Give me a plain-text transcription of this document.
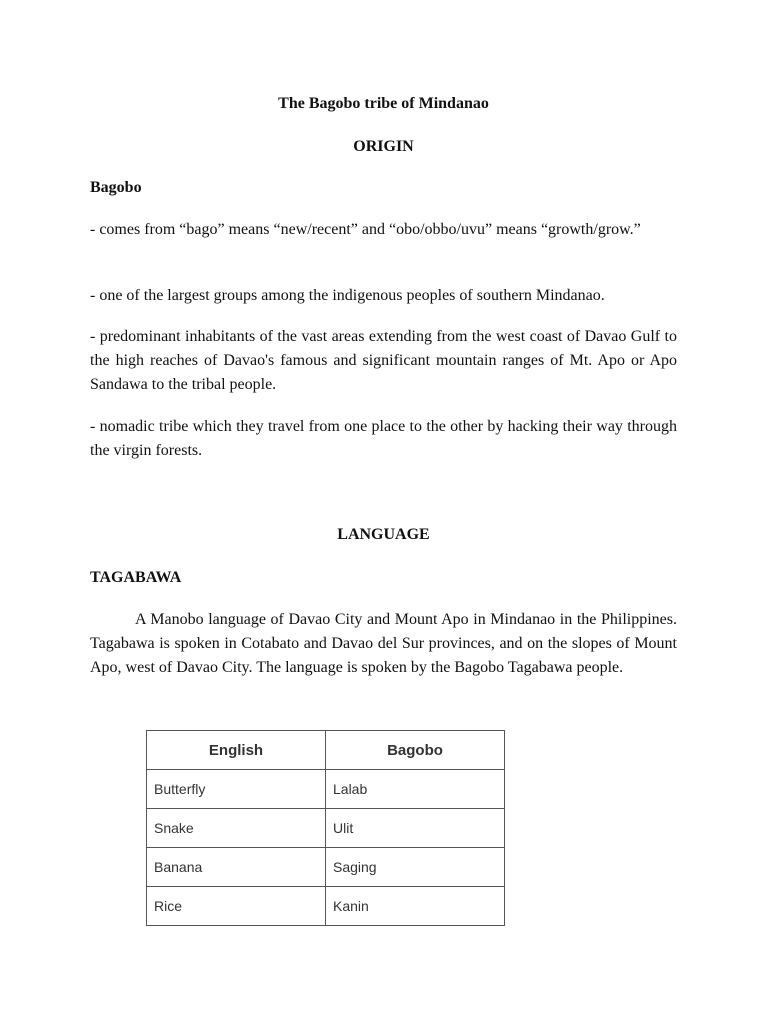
The Bagobo tribe of Mindanao
ORIGIN
Bagobo
- comes from “bago” means “new/recent” and “obo/obbo/uvu” means “growth/grow.”
- one of the largest groups among the indigenous peoples of southern Mindanao.
- predominant inhabitants of the vast areas extending from the west coast of Davao Gulf to the high reaches of Davao's famous and significant mountain ranges of Mt. Apo or Apo Sandawa to the tribal people.
- nomadic tribe which they travel from one place to the other by hacking their way through the virgin forests.
LANGUAGE
TAGABAWA
A Manobo language of Davao City and Mount Apo in Mindanao in the Philippines. Tagabawa is spoken in Cotabato and Davao del Sur provinces, and on the slopes of Mount Apo, west of Davao City. The language is spoken by the Bagobo Tagabawa people.
English	Bagobo
Butterfly	Lalab
Snake	Ulit
Banana	Saging
Rice	Kanin
